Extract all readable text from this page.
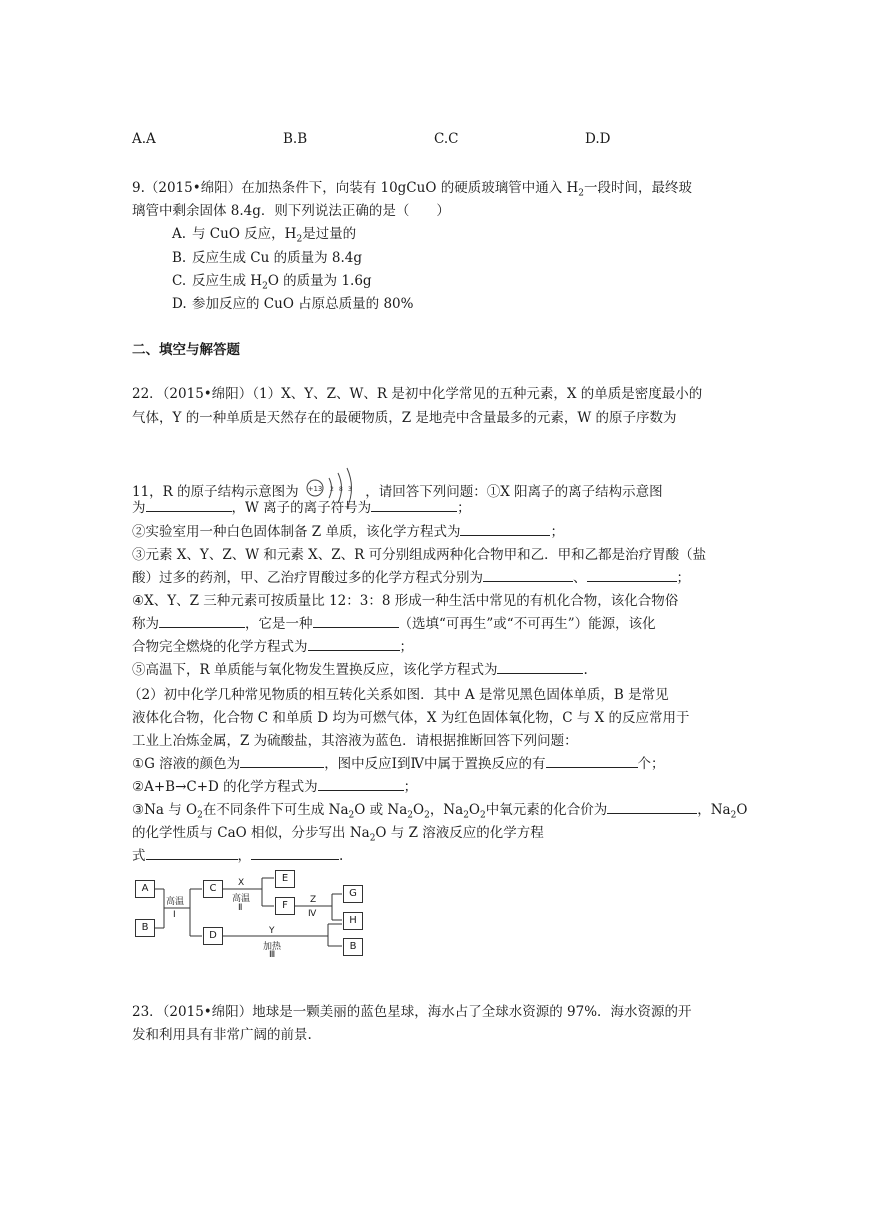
A.A	B.B	C.C	D.D
9.（2015•绵阳）在加热条件下，向装有 10gCuO 的硬质玻璃管中通入 $H_2$一段时间，最终玻
璃管中剩余固体 8.4g．则下列说法正确的是（　　）
A. 与 CuO 反应，$H_2$是过量的
B. 反应生成 Cu 的质量为 8.4g
C. 反应生成 $H_2O$ 的质量为 1.6g
D. 参加反应的 CuO 占原总质量的 80%
二、填空与解答题
22．（2015•绵阳）（1）X、Y、Z、W、R 是初中化学常见的五种元素，X 的单质是密度最小的
气体，Y 的一种单质是天然存在的最硬物质，Z 是地壳中含量最多的元素，W 的原子序数为
11，R 的原子结构示意图为 +13 2 8 3 ，请回答下列问题：①X 阳离子的离子结构示意图
为	，W 离子的离子符号为	；
②实验室用一种白色固体制备 Z 单质，该化学方程式为	；
③元素 X、Y、Z、W 和元素 X、Z、R 可分别组成两种化合物甲和乙．甲和乙都是治疗胃酸（盐
酸）过多的药剂，甲、乙治疗胃酸过多的化学方程式分别为	、	；
④X、Y、Z 三种元素可按质量比 12：3：8 形成一种生活中常见的有机化合物，该化合物俗
称为	，它是一种	（选填“可再生”或“不可再生”）能源，该化
合物完全燃烧的化学方程式为	；
⑤高温下，R 单质能与氧化物发生置换反应，该化学方程式为	.
（2）初中化学几种常见物质的相互转化关系如图．其中 A 是常见黑色固体单质，B 是常见
液体化合物，化合物 C 和单质 D 均为可燃气体，X 为红色固体氧化物，C 与 X 的反应常用于
工业上冶炼金属，Z 为硫酸盐，其溶液为蓝色．请根据推断回答下列问题：
①G 溶液的颜色为	，图中反应Ⅰ到Ⅳ中属于置换反应的有	个；
②A+B→C+D 的化学方程式为	；
③Na 与 $O_2$在不同条件下可生成 $Na_2O$ 或 $Na_2O_2$，$Na_2O_2$中氧元素的化合价为	，$Na_2O$
的化学性质与 CaO 相似，分步写出 $Na_2O$ 与 Z 溶液反应的化学方程
式	，	.
A
B
C
D
E
F
G
H
B
高温
Ⅰ
X
高温
Ⅱ
Z
Ⅳ
Y
加热
Ⅲ
23．（2015•绵阳）地球是一颗美丽的蓝色星球，海水占了全球水资源的 97%．海水资源的开
发和利用具有非常广阔的前景.
